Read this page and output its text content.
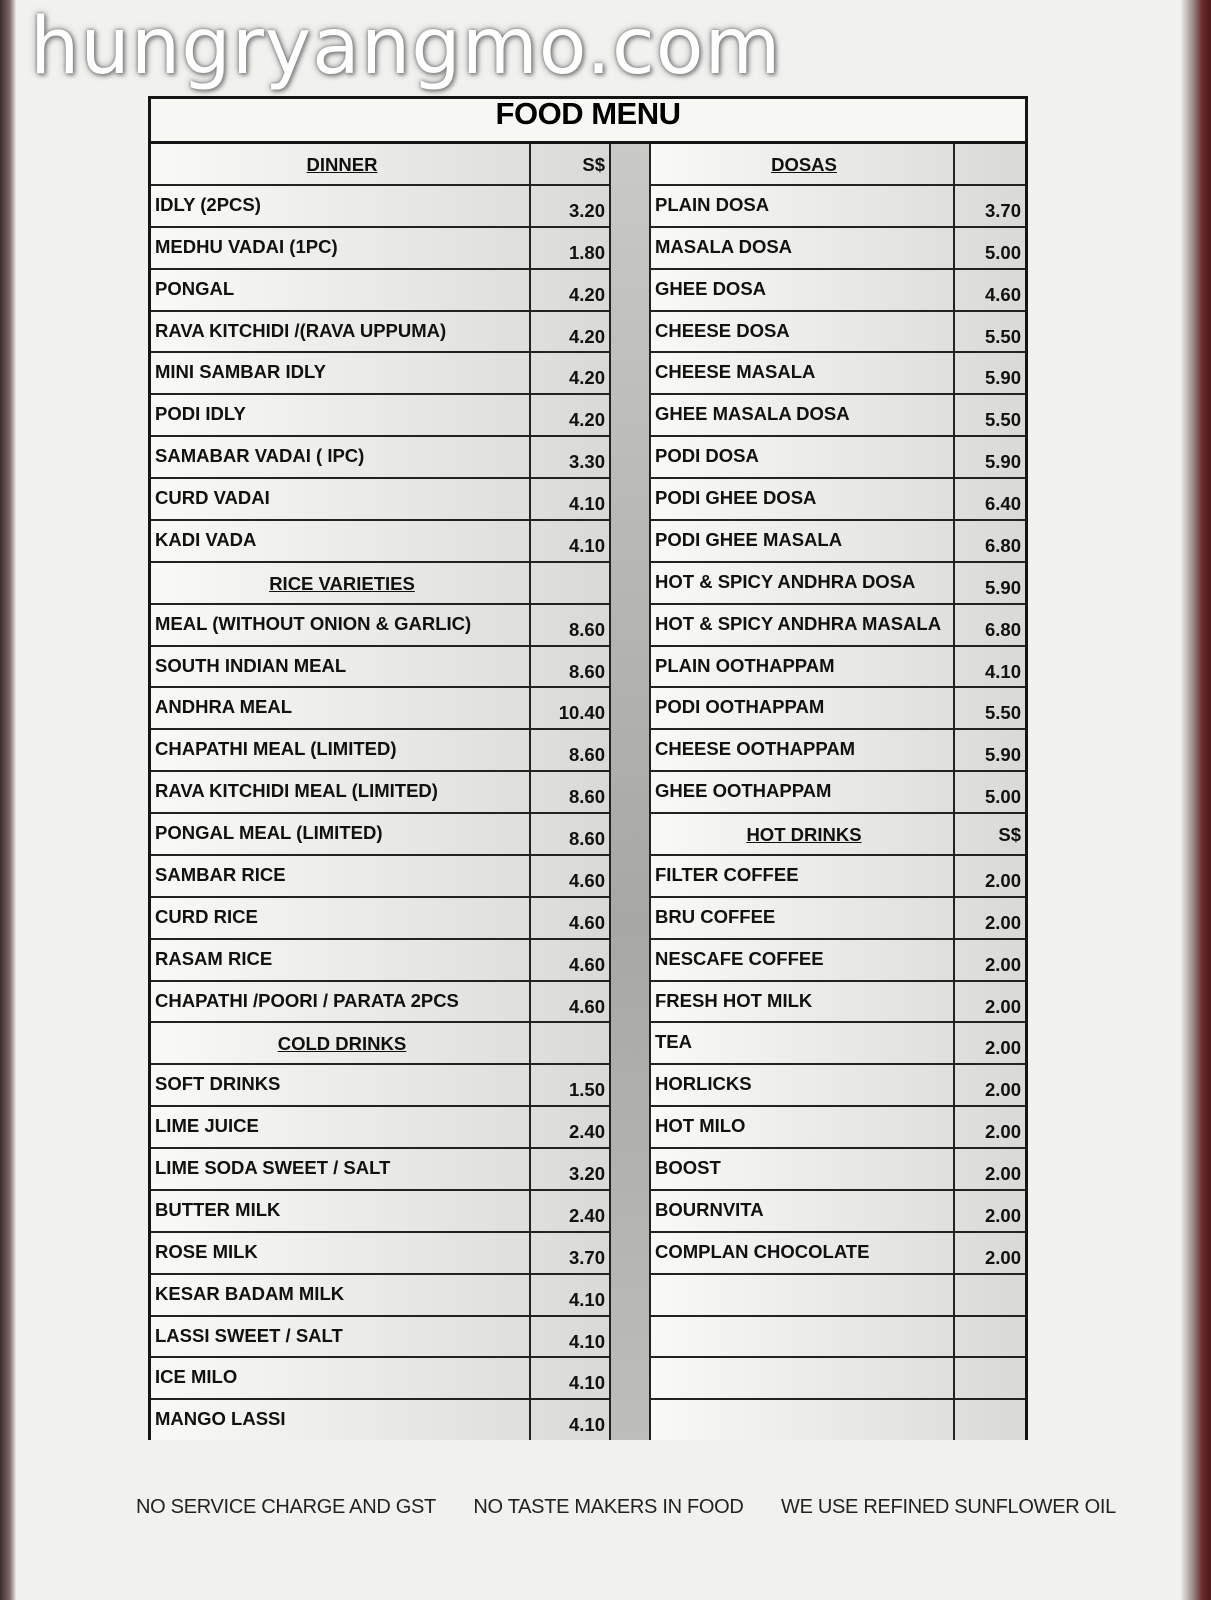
hungryangmo.com
FOOD MENU
DINNER	S$
IDLY (2PCS)	3.20
MEDHU VADAI (1PC)	1.80
PONGAL	4.20
RAVA KITCHIDI /(RAVA UPPUMA)	4.20
MINI SAMBAR IDLY	4.20
PODI IDLY	4.20
SAMABAR VADAI ( IPC)	3.30
CURD VADAI	4.10
KADI VADA	4.10
RICE VARIETIES
MEAL (WITHOUT ONION & GARLIC)	8.60
SOUTH INDIAN MEAL	8.60
ANDHRA MEAL	10.40
CHAPATHI MEAL (LIMITED)	8.60
RAVA KITCHIDI MEAL (LIMITED)	8.60
PONGAL MEAL (LIMITED)	8.60
SAMBAR RICE	4.60
CURD RICE	4.60
RASAM RICE	4.60
CHAPATHI /POORI / PARATA 2PCS	4.60
COLD DRINKS
SOFT DRINKS	1.50
LIME JUICE	2.40
LIME SODA SWEET / SALT	3.20
BUTTER MILK	2.40
ROSE MILK	3.70
KESAR BADAM MILK	4.10
LASSI SWEET / SALT	4.10
ICE MILO	4.10
MANGO LASSI	4.10
DOSAS
PLAIN DOSA	3.70
MASALA DOSA	5.00
GHEE DOSA	4.60
CHEESE DOSA	5.50
CHEESE MASALA	5.90
GHEE MASALA DOSA	5.50
PODI DOSA	5.90
PODI GHEE DOSA	6.40
PODI GHEE MASALA	6.80
HOT & SPICY ANDHRA DOSA	5.90
HOT & SPICY ANDHRA MASALA	6.80
PLAIN OOTHAPPAM	4.10
PODI OOTHAPPAM	5.50
CHEESE OOTHAPPAM	5.90
GHEE OOTHAPPAM	5.00
HOT DRINKS	S$
FILTER COFFEE	2.00
BRU COFFEE	2.00
NESCAFE COFFEE	2.00
FRESH HOT MILK	2.00
TEA	2.00
HORLICKS	2.00
HOT MILO	2.00
BOOST	2.00
BOURNVITA	2.00
COMPLAN CHOCOLATE	2.00
NO SERVICE CHARGE AND GST NO TASTE MAKERS IN FOOD WE USE REFINED SUNFLOWER OIL
